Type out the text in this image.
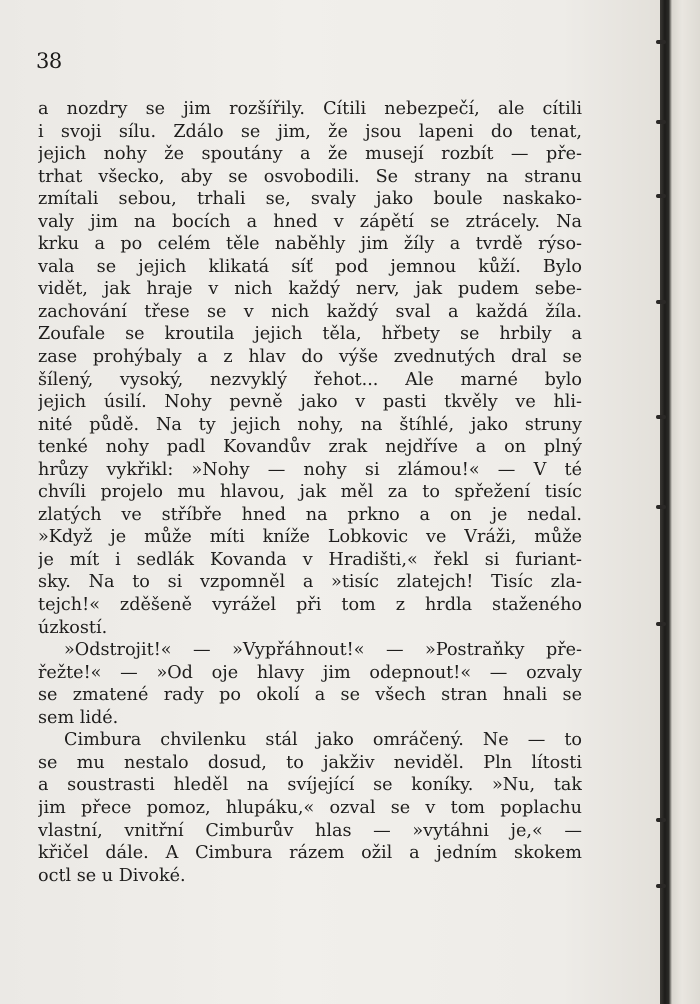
38
a nozdry se jim rozšířily. Cítili nebezpečí, ale cítili
i svoji sílu. Zdálo se jim, že jsou lapeni do tenat,
jejich nohy že spoutány a že musejí rozbít — pře-
trhat všecko, aby se osvobodili. Se strany na stranu
zmítali sebou, trhali se, svaly jako boule naskako-
valy jim na bocích a hned v zápětí se ztrácely. Na
krku a po celém těle naběhly jim žíly a tvrdě rýso-
vala se jejich klikatá síť pod jemnou kůží. Bylo
vidět, jak hraje v nich každý nerv, jak pudem sebe-
zachování třese se v nich každý sval a každá žíla.
Zoufale se kroutila jejich těla, hřbety se hrbily a
zase prohýbaly a z hlav do výše zvednutých dral se
šílený, vysoký, nezvyklý řehot... Ale marné bylo
jejich úsilí. Nohy pevně jako v pasti tkvěly ve hli-
nité půdě. Na ty jejich nohy, na štíhlé, jako struny
tenké nohy padl Kovandův zrak nejdříve a on plný
hrůzy vykřikl: »Nohy — nohy si zlámou!« — V té
chvíli projelo mu hlavou, jak měl za to spřežení tisíc
zlatých ve stříbře hned na prkno a on je nedal.
»Když je může míti kníže Lobkovic ve Vráži, může
je mít i sedlák Kovanda v Hradišti,« řekl si furiant-
sky. Na to si vzpomněl a »tisíc zlatejch! Tisíc zla-
tejch!« zděšeně vyrážel při tom z hrdla staženého
úzkostí.
»Odstrojit!« — »Vypřáhnout!« — »Postraňky pře-
řežte!« — »Od oje hlavy jim odepnout!« — ozvaly
se zmatené rady po okolí a se všech stran hnali se
sem lidé.
Cimbura chvilenku stál jako omráčený. Ne — to
se mu nestalo dosud, to jakživ neviděl. Pln lítosti
a soustrasti hleděl na svíjející se koníky. »Nu, tak
jim přece pomoz, hlupáku,« ozval se v tom poplachu
vlastní, vnitřní Cimburův hlas — »vytáhni je,« —
křičel dále. A Cimbura rázem ožil a jedním skokem
octl se u Divoké.
